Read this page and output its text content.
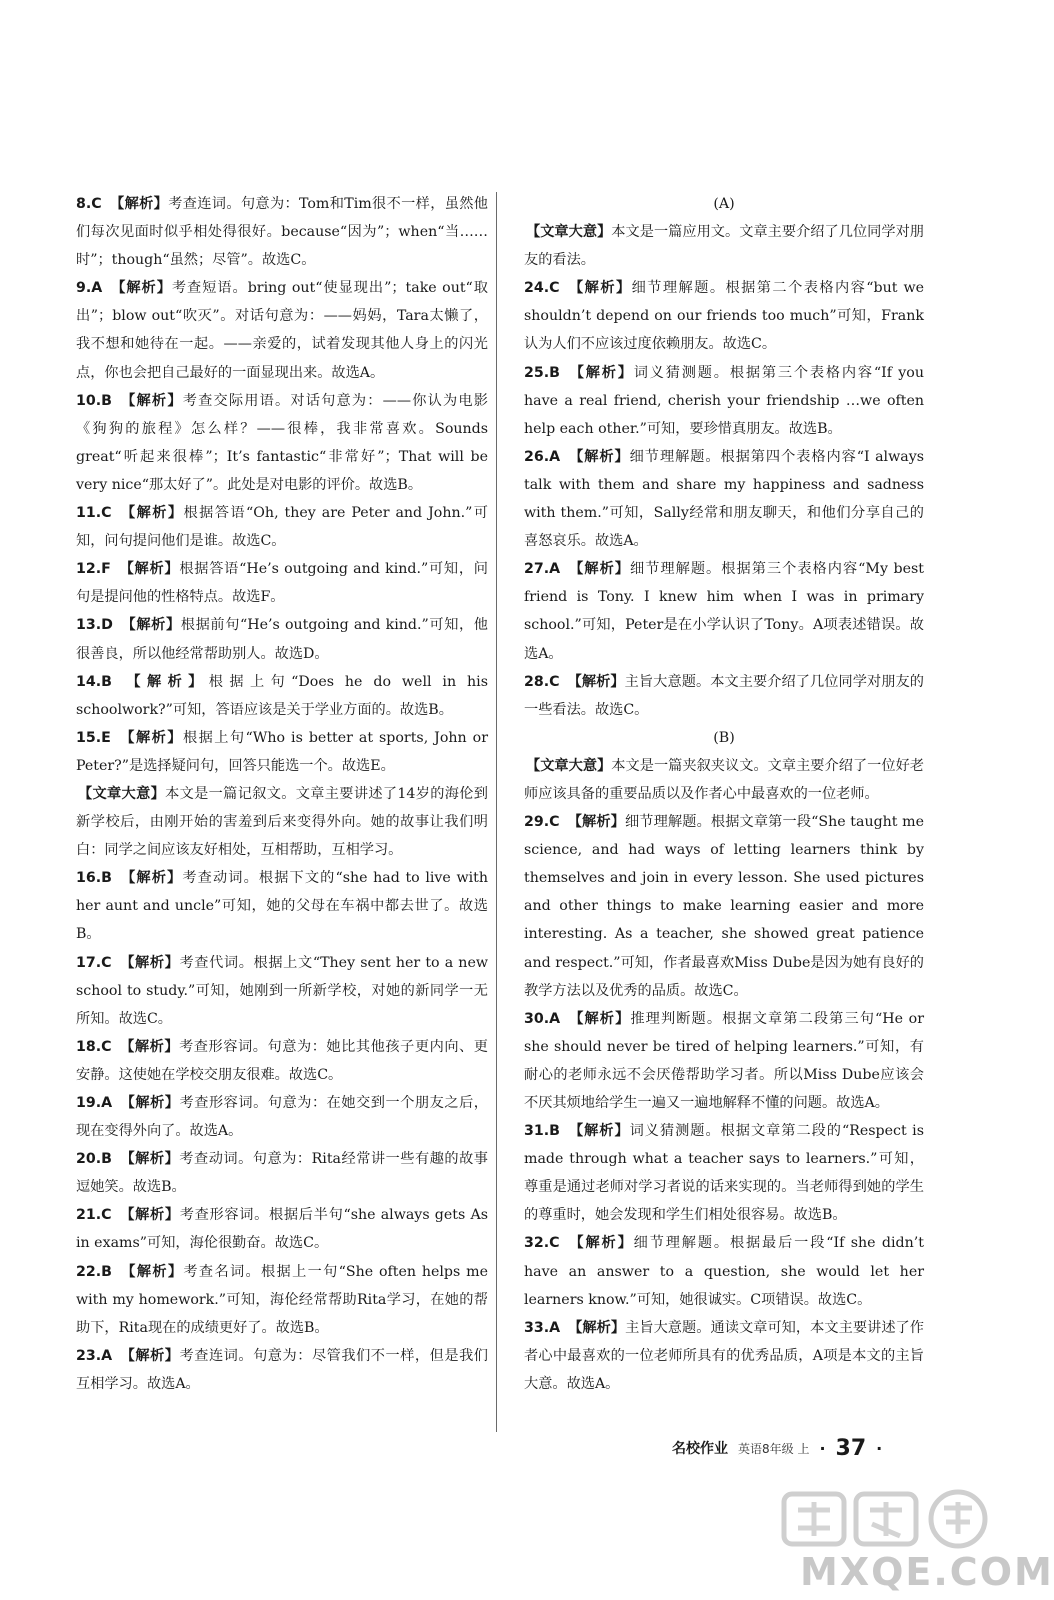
8.C 【解析】考查连词。句意为：Tom和Tim很不一样，虽然他们每次见面时似乎相处得很好。because“因为”；when“当……时”；though“虽然；尽管”。故选C。

9.A 【解析】考查短语。bring out“使显现出”；take out“取出”；blow out“吹灭”。对话句意为：——妈妈，Tara太懒了，我不想和她待在一起。——亲爱的，试着发现其他人身上的闪光点，你也会把自己最好的一面显现出来。故选A。

10.B 【解析】考查交际用语。对话句意为：——你认为电影《狗狗的旅程》怎么样？——很棒，我非常喜欢。Sounds great“听起来很棒”；It’s fantastic“非常好”；That will be very nice“那太好了”。此处是对电影的评价。故选B。

11.C 【解析】根据答语“Oh, they are Peter and John.”可知，问句提问他们是谁。故选C。

12.F 【解析】根据答语“He’s outgoing and kind.”可知，问句是提问他的性格特点。故选F。

13.D 【解析】根据前句“He’s outgoing and kind.”可知，他很善良，所以他经常帮助别人。故选D。

14.B 【解析】根据上句“Does he do well in his schoolwork?”可知，答语应该是关于学业方面的。故选B。

15.E 【解析】根据上句“Who is better at sports, John or Peter?”是选择疑问句，回答只能选一个。故选E。

【文章大意】本文是一篇记叙文。文章主要讲述了14岁的海伦到新学校后，由刚开始的害羞到后来变得外向。她的故事让我们明白：同学之间应该友好相处，互相帮助，互相学习。

16.B 【解析】考查动词。根据下文的“she had to live with her aunt and uncle”可知，她的父母在车祸中都去世了。故选B。

17.C 【解析】考查代词。根据上文“They sent her to a new school to study.”可知，她刚到一所新学校，对她的新同学一无所知。故选C。

18.C 【解析】考查形容词。句意为：她比其他孩子更内向、更安静。这使她在学校交朋友很难。故选C。

19.A 【解析】考查形容词。句意为：在她交到一个朋友之后，现在变得外向了。故选A。

20.B 【解析】考查动词。句意为：Rita经常讲一些有趣的故事逗她笑。故选B。

21.C 【解析】考查形容词。根据后半句“she always gets As in exams”可知，海伦很勤奋。故选C。

22.B 【解析】考查名词。根据上一句“She often helps me with my homework.”可知，海伦经常帮助Rita学习，在她的帮助下，Rita现在的成绩更好了。故选B。

23.A 【解析】考查连词。句意为：尽管我们不一样，但是我们互相学习。故选A。

(A)

【文章大意】本文是一篇应用文。文章主要介绍了几位同学对朋友的看法。

24.C 【解析】细节理解题。根据第二个表格内容“but we shouldn’t depend on our friends too much”可知，Frank认为人们不应该过度依赖朋友。故选C。

25.B 【解析】词义猜测题。根据第三个表格内容“If you have a real friend, cherish your friendship …we often help each other.”可知，要珍惜真朋友。故选B。

26.A 【解析】细节理解题。根据第四个表格内容“I always talk with them and share my happiness and sadness with them.”可知，Sally经常和朋友聊天，和他们分享自己的喜怒哀乐。故选A。

27.A 【解析】细节理解题。根据第三个表格内容“My best friend is Tony. I knew him when I was in primary school.”可知，Peter是在小学认识了Tony。A项表述错误。故选A。

28.C 【解析】主旨大意题。本文主要介绍了几位同学对朋友的一些看法。故选C。

(B)

【文章大意】本文是一篇夹叙夹议文。文章主要介绍了一位好老师应该具备的重要品质以及作者心中最喜欢的一位老师。

29.C 【解析】细节理解题。根据文章第一段“She taught me science, and had ways of letting learners think by themselves and join in every lesson. She used pictures and other things to make learning easier and more interesting. As a teacher, she showed great patience and respect.”可知，作者最喜欢Miss Dube是因为她有良好的教学方法以及优秀的品质。故选C。

30.A 【解析】推理判断题。根据文章第二段第三句“He or she should never be tired of helping learners.”可知，有耐心的老师永远不会厌倦帮助学习者。所以Miss Dube应该会不厌其烦地给学生一遍又一遍地解释不懂的问题。故选A。

31.B 【解析】词义猜测题。根据文章第二段的“Respect is made through what a teacher says to learners.”可知，尊重是通过老师对学习者说的话来实现的。当老师得到她的学生的尊重时，她会发现和学生们相处很容易。故选B。

32.C 【解析】细节理解题。根据最后一段“If she didn’t have an answer to a question, she would let her learners know.”可知，她很诚实。C项错误。故选C。

33.A 【解析】主旨大意题。通读文章可知，本文主要讲述了作者心中最喜欢的一位老师所具有的优秀品质，A项是本文的主旨大意。故选A。

名校作业 英语8年级 上 · 37 ·
MXQE.COM
